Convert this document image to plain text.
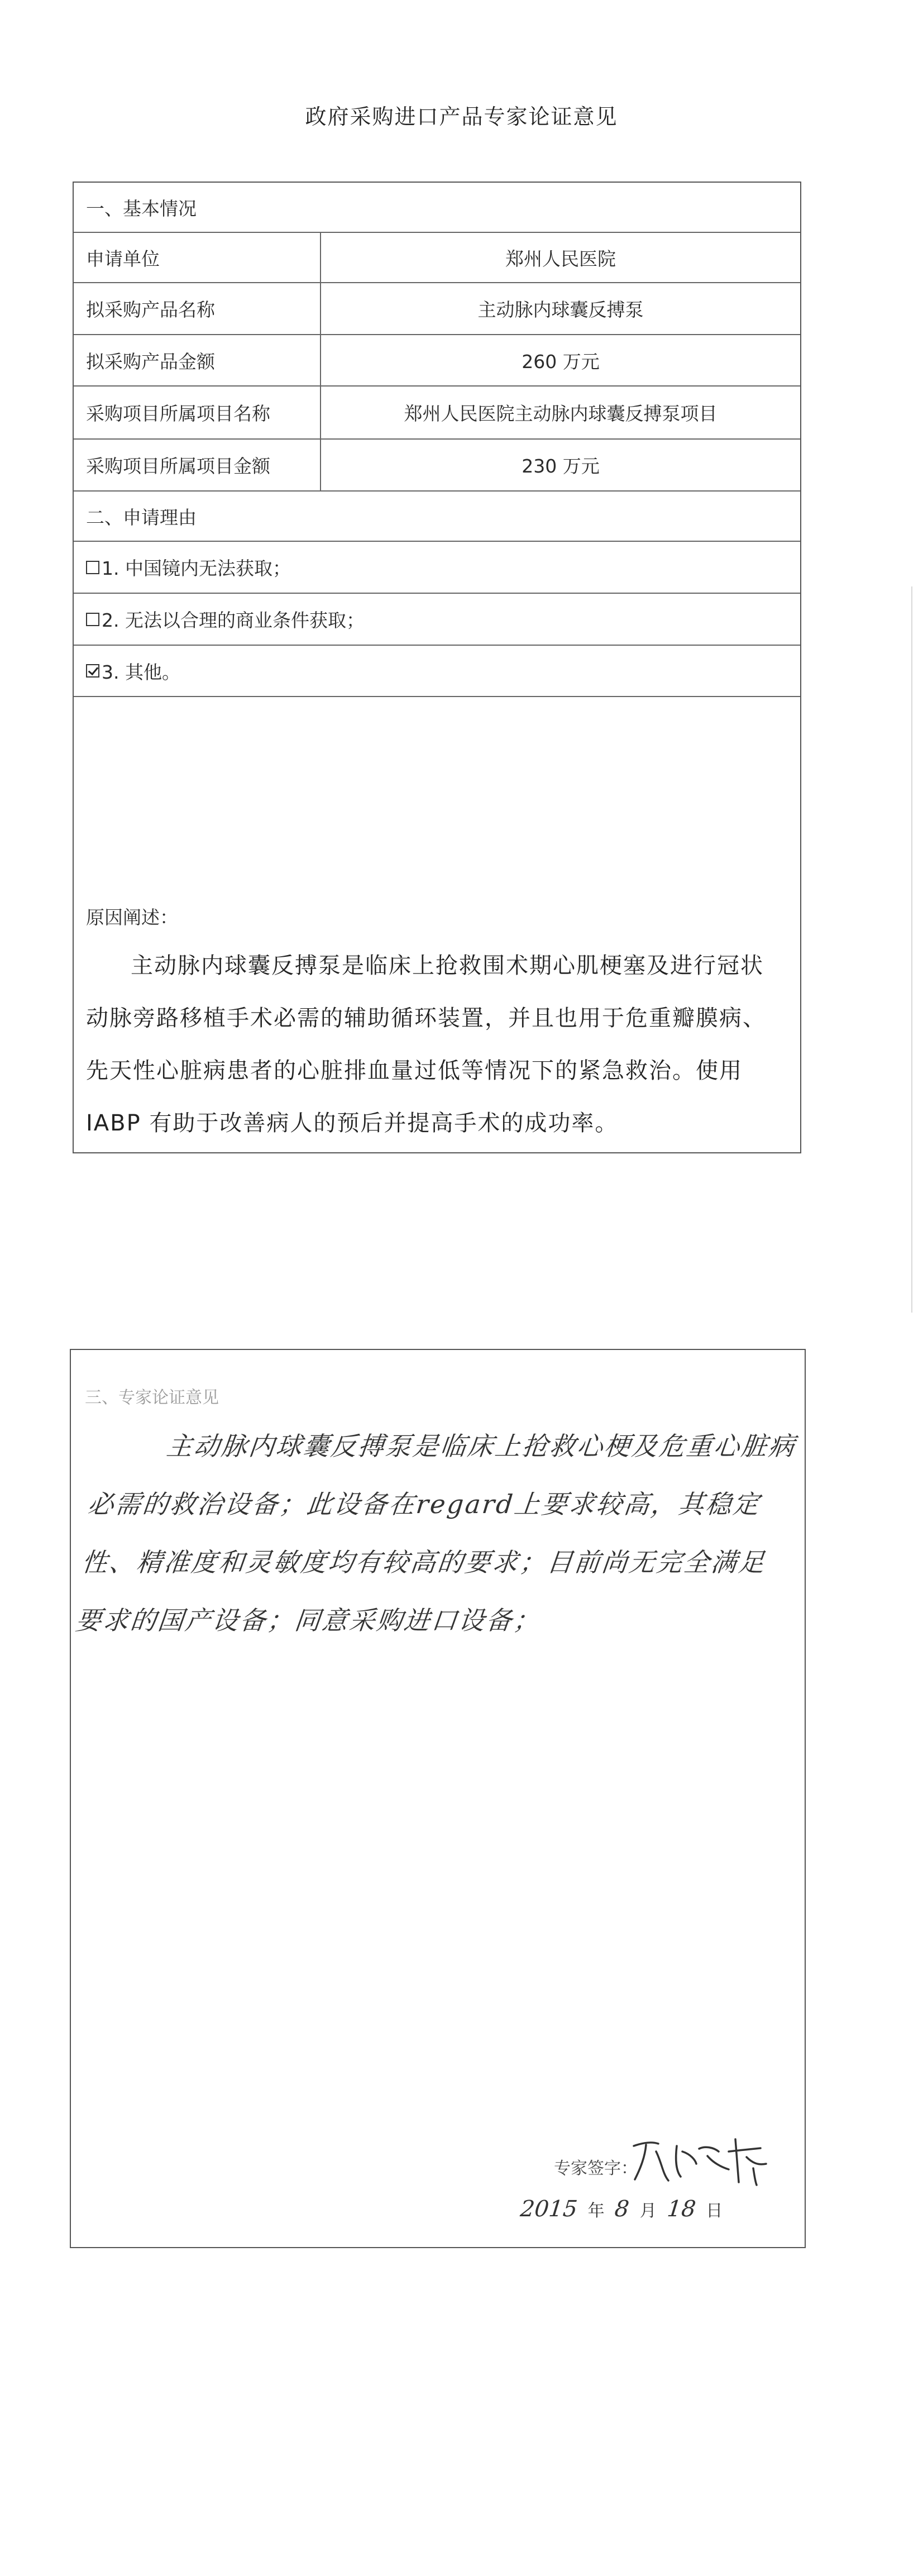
政府采购进口产品专家论证意见
一、基本情况
申请单位	郑州人民医院
拟采购产品名称	主动脉内球囊反搏泵
拟采购产品金额	260 万元
采购项目所属项目名称	郑州人民医院主动脉内球囊反搏泵项目
采购项目所属项目金额	230 万元
二、申请理由
1. 中国镜内无法获取；
2. 无法以合理的商业条件获取；
3. 其他。
原因阐述：
主动脉内球囊反搏泵是临床上抢救围术期心肌梗塞及进行冠状动脉旁路移植手术必需的辅助循环装置，并且也用于危重瓣膜病、先天性心脏病患者的心脏排血量过低等情况下的紧急救治。使用 IABP 有助于改善病人的预后并提高手术的成功率。
三、专家论证意见
主动脉内球囊反搏泵是临床上抢救心梗及危重心脏病必需的救治设备；此设备在regard上要求较高，其稳定性、精准度和灵敏度均有较高的要求；目前尚无完全满足要求的国产设备；同意采购进口设备；
专家签字：
2015 年 8 月 18 日
